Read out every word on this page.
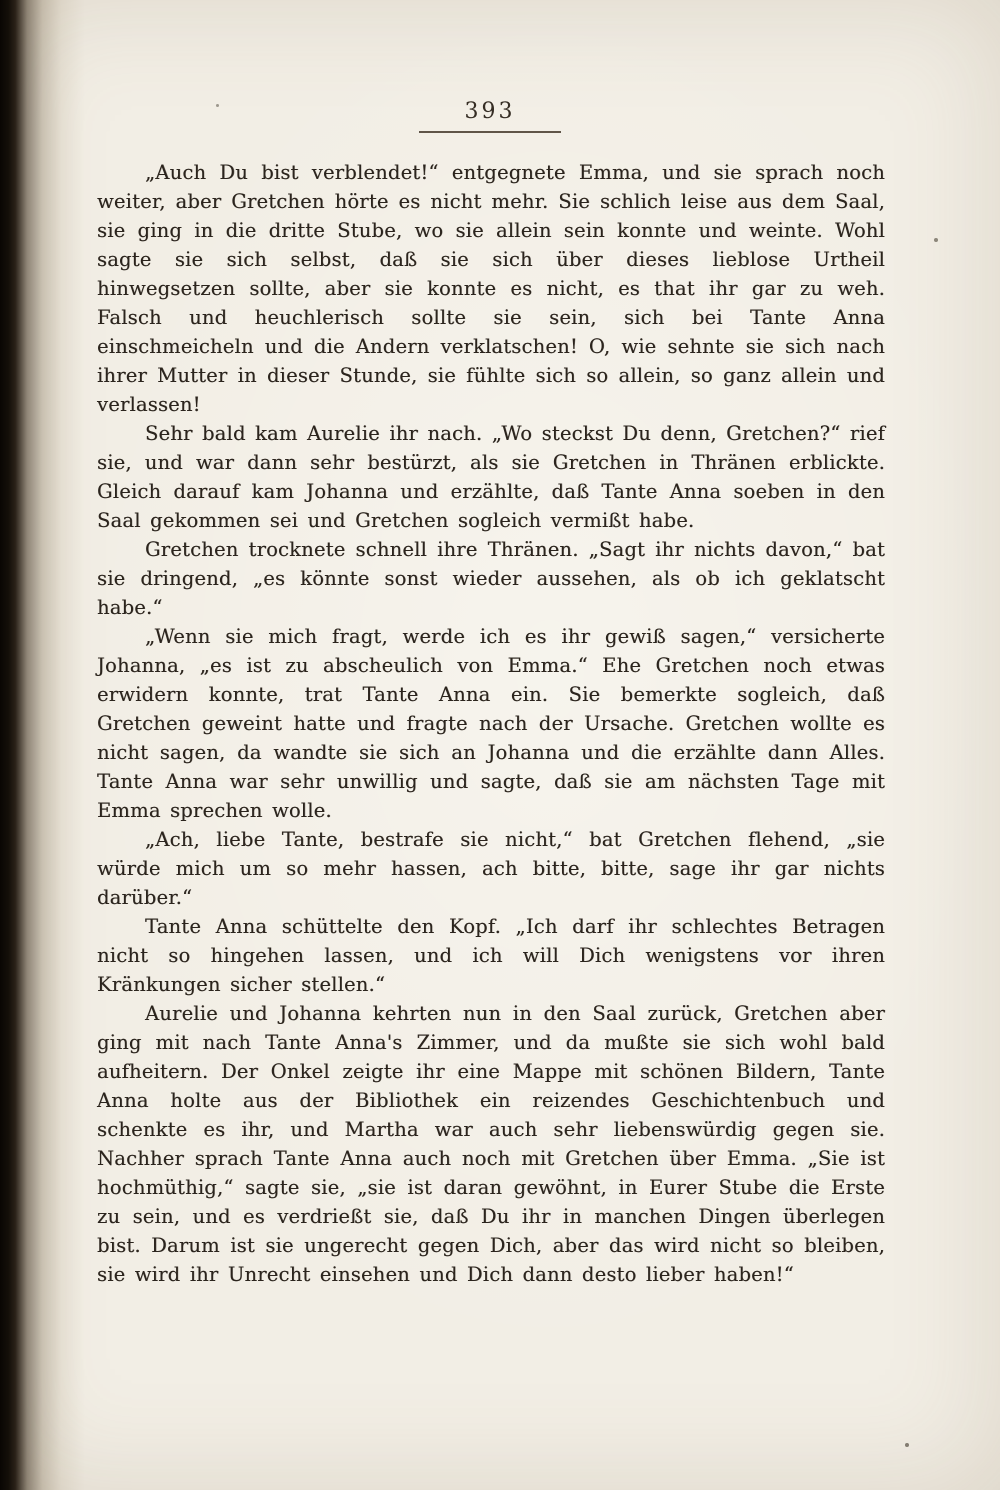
393

„Auch Du bist verblendet!“ entgegnete Emma, und sie sprach noch weiter, aber Gretchen hörte es nicht mehr. Sie schlich leise aus dem Saal, sie ging in die dritte Stube, wo sie allein sein konnte und weinte. Wohl sagte sie sich selbst, daß sie sich über dieses lieblose Urtheil hinwegsetzen sollte, aber sie konnte es nicht, es that ihr gar zu weh. Falsch und heuchlerisch sollte sie sein, sich bei Tante Anna einschmeicheln und die Andern verklatschen! O, wie sehnte sie sich nach ihrer Mutter in dieser Stunde, sie fühlte sich so allein, so ganz allein und verlassen!

Sehr bald kam Aurelie ihr nach. „Wo steckst Du denn, Gretchen?“ rief sie, und war dann sehr bestürzt, als sie Gretchen in Thränen erblickte. Gleich darauf kam Johanna und erzählte, daß Tante Anna soeben in den Saal gekommen sei und Gretchen sogleich vermißt habe.

Gretchen trocknete schnell ihre Thränen. „Sagt ihr nichts davon,“ bat sie dringend, „es könnte sonst wieder aussehen, als ob ich geklatscht habe.“

„Wenn sie mich fragt, werde ich es ihr gewiß sagen,“ versicherte Johanna, „es ist zu abscheulich von Emma.“ Ehe Gretchen noch etwas erwidern konnte, trat Tante Anna ein. Sie bemerkte sogleich, daß Gretchen geweint hatte und fragte nach der Ursache. Gretchen wollte es nicht sagen, da wandte sie sich an Johanna und die erzählte dann Alles. Tante Anna war sehr unwillig und sagte, daß sie am nächsten Tage mit Emma sprechen wolle.

„Ach, liebe Tante, bestrafe sie nicht,“ bat Gretchen flehend, „sie würde mich um so mehr hassen, ach bitte, bitte, sage ihr gar nichts darüber.“

Tante Anna schüttelte den Kopf. „Ich darf ihr schlechtes Betragen nicht so hingehen lassen, und ich will Dich wenigstens vor ihren Kränkungen sicher stellen.“

Aurelie und Johanna kehrten nun in den Saal zurück, Gretchen aber ging mit nach Tante Anna's Zimmer, und da mußte sie sich wohl bald aufheitern. Der Onkel zeigte ihr eine Mappe mit schönen Bildern, Tante Anna holte aus der Bibliothek ein reizendes Geschichtenbuch und schenkte es ihr, und Martha war auch sehr liebenswürdig gegen sie. Nachher sprach Tante Anna auch noch mit Gretchen über Emma. „Sie ist hochmüthig,“ sagte sie, „sie ist daran gewöhnt, in Eurer Stube die Erste zu sein, und es verdrießt sie, daß Du ihr in manchen Dingen überlegen bist. Darum ist sie ungerecht gegen Dich, aber das wird nicht so bleiben, sie wird ihr Unrecht einsehen und Dich dann desto lieber haben!“
